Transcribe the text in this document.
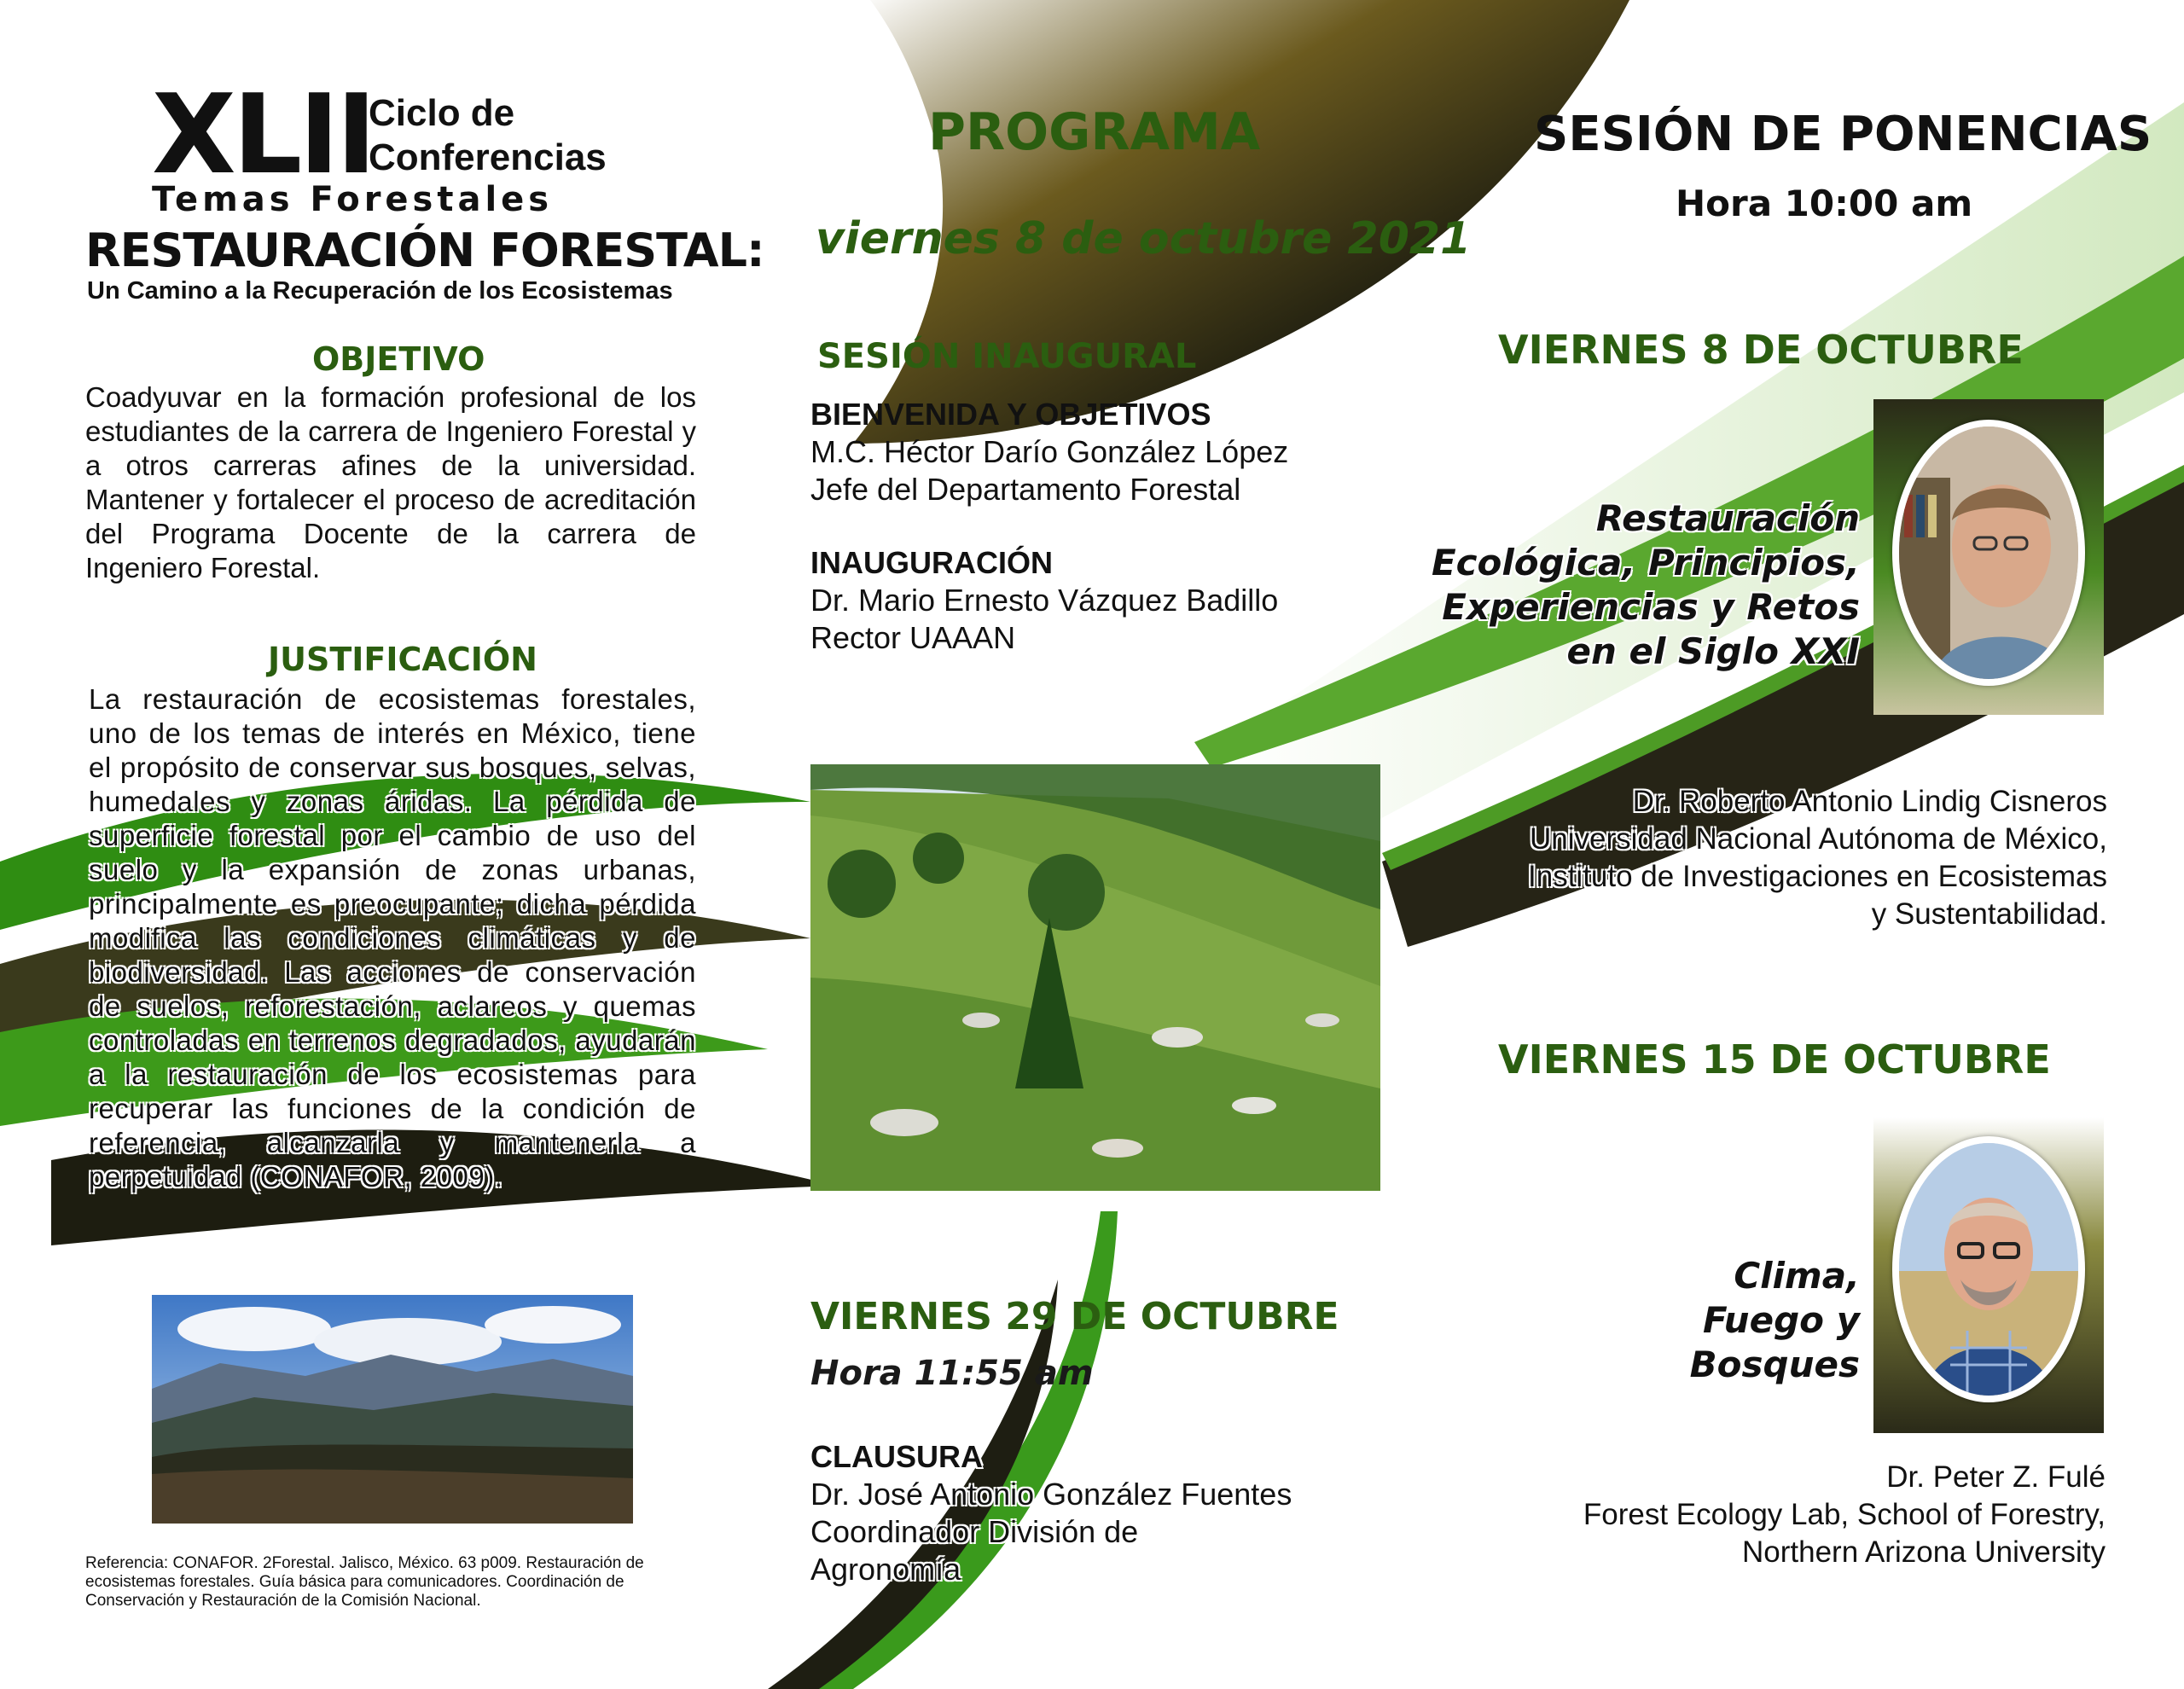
XLII
Ciclo de
Conferencias
Temas Forestales
RESTAURACIÓN FORESTAL:
Un Camino a la Recuperación de los Ecosistemas
OBJETIVO
Coadyuvar en la formación profesional de los estudiantes de la carrera de Ingeniero Forestal y a otros carreras afines de la universidad. Mantener y fortalecer el proceso de acreditación del Programa Docente de la carrera de Ingeniero Forestal.
JUSTIFICACIÓN
La restauración de ecosistemas forestales, uno de los temas de interés en México, tiene el propósito de conservar sus bosques, selvas, humedales y zonas áridas. La pérdida de superficie forestal por el cambio de uso del suelo y la expansión de zonas urbanas, principalmente es preocupante; dicha pérdida modifica las condiciones climáticas y de biodiversidad. Las acciones de conservación de suelos, reforestación, aclareos y quemas controladas en terrenos degradados, ayudarán a la restauración de los ecosistemas para recuperar las funciones de la condición de referencia, alcanzarla y mantenerla a perpetuidad (CONAFOR, 2009).
Referencia: CONAFOR. 2Forestal. Jalisco, México. 63 p009. Restauración de ecosistemas forestales. Guía básica para comunicadores. Coordinación de Conservación y Restauración de la Comisión Nacional.
PROGRAMA
viernes 8 de octubre 2021
SESIÓN INAUGURAL
BIENVENIDA Y OBJETIVOS
M.C. Héctor Darío González López
Jefe del Departamento Forestal
INAUGURACIÓN
Dr. Mario Ernesto Vázquez Badillo
Rector UAAAN
VIERNES 29 DE OCTUBRE
Hora 11:55 am
CLAUSURA
Dr. José Antonio González Fuentes
Coordinador División de
Agronomía
SESIÓN DE PONENCIAS
Hora 10:00 am
VIERNES 8 DE OCTUBRE
Restauración
Ecológica, Principios,
Experiencias y Retos
en el Siglo XXI
Dr. Roberto Antonio Lindig Cisneros
Universidad Nacional Autónoma de México,
Instituto de Investigaciones en Ecosistemas
y Sustentabilidad.
VIERNES 15 DE OCTUBRE
Clima,
Fuego y
Bosques
Dr. Peter Z. Fulé
Forest Ecology Lab, School of Forestry,
Northern Arizona University
